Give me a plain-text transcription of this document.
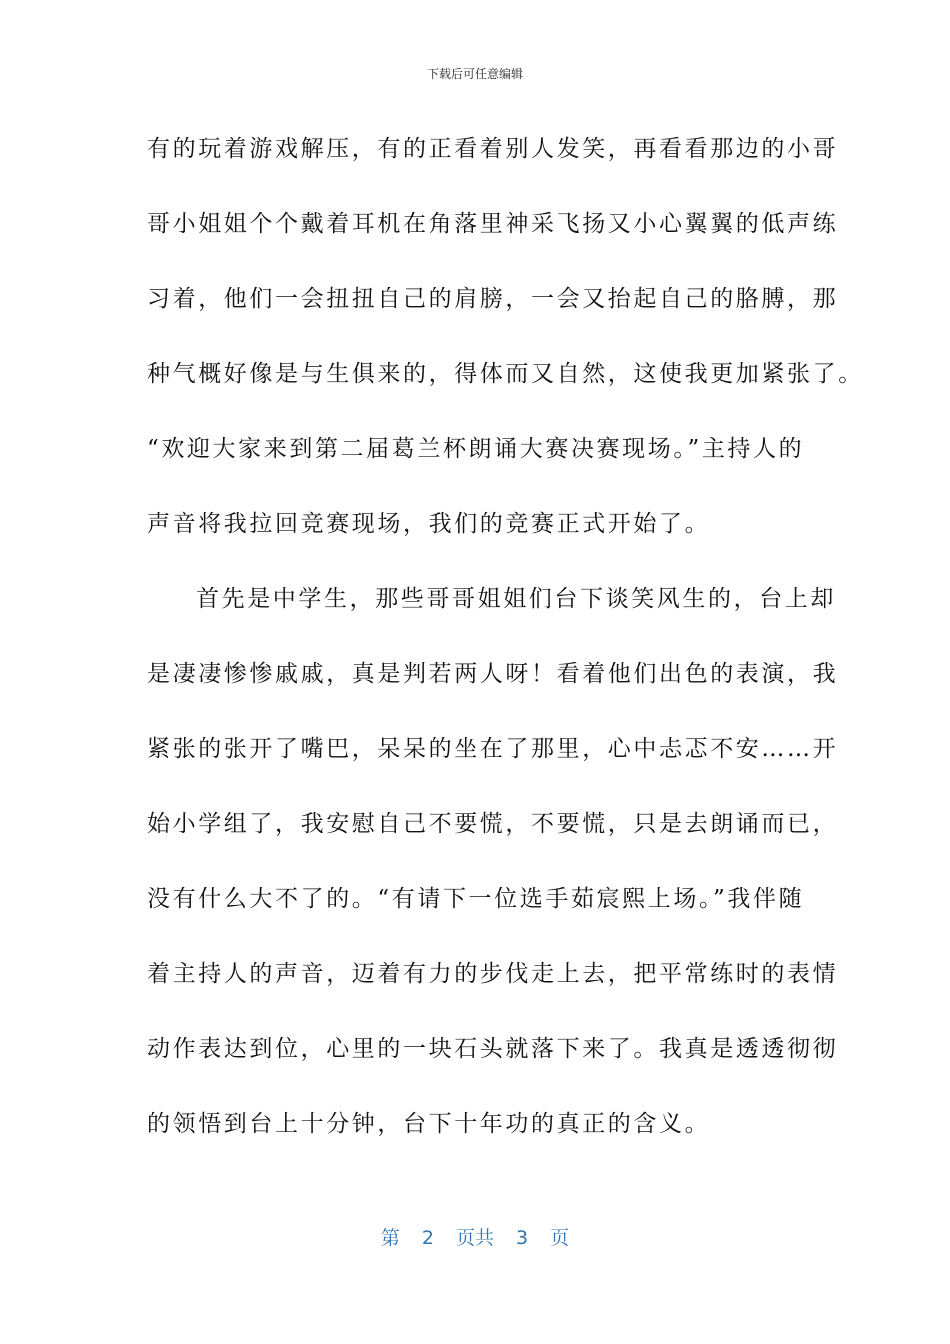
下载后可任意编辑
有的玩着游戏解压，有的正看着别人发笑，再看看那边的小哥
哥小姐姐个个戴着耳机在角落里神采飞扬又小心翼翼的低声练
习着，他们一会扭扭自己的肩膀，一会又抬起自己的胳膊，那
种气概好像是与生俱来的，得体而又自然，这使我更加紧张了。
“欢迎大家来到第二届葛兰杯朗诵大赛决赛现场。”主持人的
声音将我拉回竞赛现场，我们的竞赛正式开始了。
首先是中学生，那些哥哥姐姐们台下谈笑风生的，台上却
是凄凄惨惨戚戚，真是判若两人呀！看着他们出色的表演，我
紧张的张开了嘴巴，呆呆的坐在了那里，心中忐忑不安……开
始小学组了，我安慰自己不要慌，不要慌，只是去朗诵而已，
没有什么大不了的。“有请下一位选手茹宸熙上场。”我伴随
着主持人的声音，迈着有力的步伐走上去，把平常练时的表情
动作表达到位，心里的一块石头就落下来了。我真是透透彻彻
的领悟到台上十分钟，台下十年功的真正的含义。
第 2 页共 3 页
